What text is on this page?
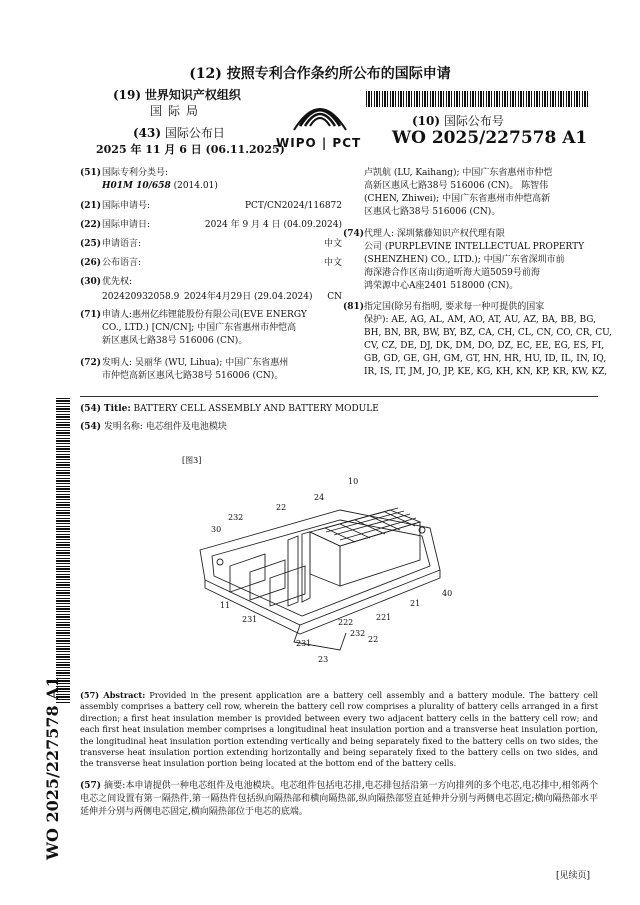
(12) 按照专利合作条约所公布的国际申请
(19) 世界知识产权组织
国际局
(43) 国际公布日
2025 年 11 月 6 日 (06.11.2025)
WIPO | PCT
(10) 国际公布号
WO 2025/227578 A1
(51) 国际专利分类号:
H01M 10/658 (2014.01)
(21) 国际申请号:	PCT/CN2024/116872
(22) 国际申请日:	2024 年 9 月 4 日 (04.09.2024)
(25) 申请语言:	中文
(26) 公布语言:	中文
(30) 优先权:
202420932058.9 2024年4月29日 (29.04.2024) CN
(71) 申请人:惠州亿纬锂能股份有限公司(EVE ENERGY
CO., LTD.) [CN/CN]; 中国广东省惠州市仲恺高
新区惠风七路38号 516006 (CN)。
(72) 发明人: 吴丽华 (WU, Lihua); 中国广东省惠州
市仲恺高新区惠风七路38号 516006 (CN)。
卢凯航 (LU, Kaihang); 中国广东省惠州市仲恺
高新区惠风七路38号 516006 (CN)。 陈智伟
(CHEN, Zhiwei); 中国广东省惠州市仲恺高新
区惠风七路38号 516006 (CN)。
(74) 代理人: 深圳紫藤知识产权代理有限
公司 (PURPLEVINE INTELLECTUAL PROPERTY
(SHENZHEN) CO., LTD.); 中国广东省深圳市前
海深港合作区南山街道听海大道5059号前海
鸿荣源中心A座2401 518000 (CN)。
(81) 指定国(除另有指明, 要求每一种可提供的国家
保护): AE, AG, AL, AM, AO, AT, AU, AZ, BA, BB, BG,
BH, BN, BR, BW, BY, BZ, CA, CH, CL, CN, CO, CR, CU,
CV, CZ, DE, DJ, DK, DM, DO, DZ, EC, EE, EG, ES, FI,
GB, GD, GE, GH, GM, GT, HN, HR, HU, ID, IL, IN, IQ,
IR, IS, IT, JM, JO, JP, KE, KG, KH, KN, KP, KR, KW, KZ,
WO 2025/227578 A1
(54) Title: BATTERY CELL ASSEMBLY AND BATTERY MODULE
(54) 发明名称: 电芯组件及电池模块
[图3]
10
24
22
232
30
40
21
11
231	222
221
232
22
231
23
(57) Abstract: Provided in the present application are a battery cell assembly and a battery module. The battery cell assembly comprises a battery cell row, wherein the battery cell row comprises a plurality of battery cells arranged in a first direction; a first heat insulation member is provided between every two adjacent battery cells in the battery cell row; and each first heat insulation member comprises a longitudinal heat insulation portion and a transverse heat insulation portion, the longitudinal heat insulation portion extending vertically and being separately fixed to the battery cells on two sides, the transverse heat insulation portion extending horizontally and being separately fixed to the battery cells on two sides, and the transverse heat insulation portion being located at the bottom end of the battery cells.
(57) 摘要:本申请提供一种电芯组件及电池模块。电芯组件包括电芯排,电芯排包括沿第一方向排列的多个电芯,电芯排中,相邻两个电芯之间设置有第一隔热件,第一隔热件包括纵向隔热部和横向隔热部,纵向隔热部竖直延伸并分别与两侧电芯固定;横向隔热部水平延伸并分别与两侧电芯固定,横向隔热部位于电芯的底端。
[见续页]
